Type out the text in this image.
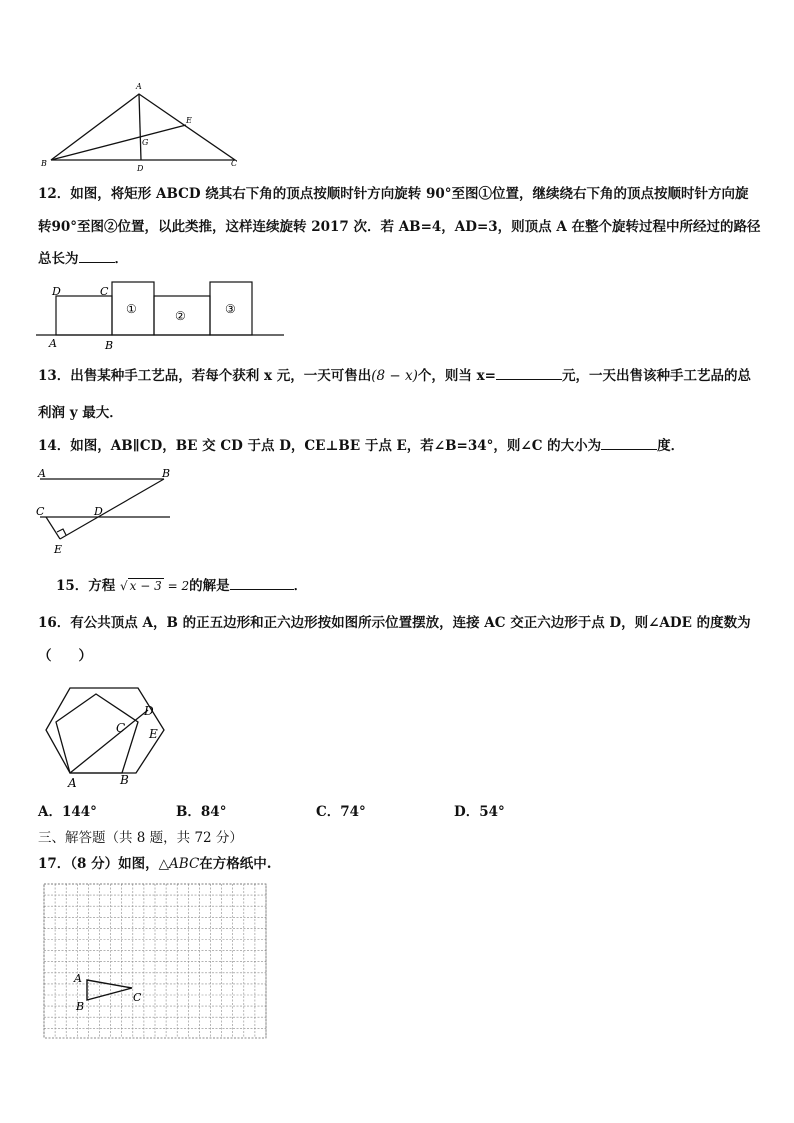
A
B	C
D
E
G
12．如图，将矩形 ABCD 绕其右下角的顶点按顺时针方向旋转 90°至图①位置，继续绕右下角的顶点按顺时针方向旋
转90°至图②位置，以此类推，这样连续旋转 2017 次．若 AB=4，AD=3，则顶点 A 在整个旋转过程中所经过的路径
总长为	．
D	C
A	B
①	②	③
13．出售某种手工艺品，若每个获利 x 元，一天可售出(8 − x)个，则当 x=	元，一天出售该种手工艺品的总
利润 y 最大．
14．如图，AB∥CD，BE 交 CD 于点 D，CE⊥BE 于点 E，若∠B=34°，则∠C 的大小为	度．
A	B
C	D
E
15．方程 √ x − 3 = 2的解是	．
16．有公共顶点 A，B 的正五边形和正六边形按如图所示位置摆放，连接 AC 交正六边形于点 D，则∠ADE 的度数为
（　　）
A	B
C
D
E
A．144°	B．84°	C．74°	D．54°
三、解答题（共 8 题，共 72 分）
17．（8 分）如图，△ABC在方格纸中.
A
B
C
